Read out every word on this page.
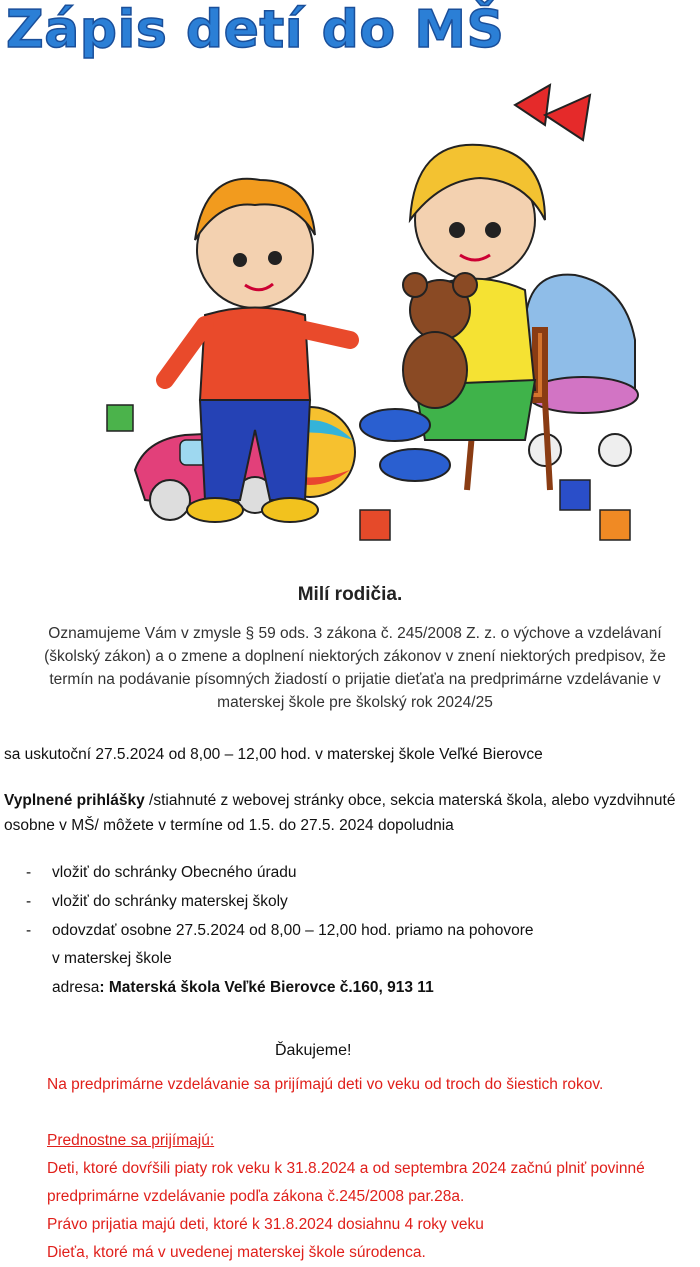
Zápis detí do MŠ
Milí rodičia.
Oznamujeme Vám v zmysle § 59 ods. 3 zákona č. 245/2008 Z. z. o výchove a vzdelávaní (školský zákon) a o zmene a doplnení niektorých zákonov v znení niektorých predpisov, že termín na podávanie písomných žiadostí o prijatie dieťaťa na predprimárne vzdelávanie v materskej škole pre školský rok 2024/25
sa uskutoční 27.5.2024 od 8,00 – 12,00 hod. v materskej škole Veľké Bierovce
Vyplnené prihlášky /stiahnuté z webovej stránky obce, sekcia materská škola, alebo vyzdvihnuté osobne v MŠ/ môžete v termíne od 1.5. do 27.5. 2024 dopoludnia
- vložiť do schránky Obecného úradu
- vložiť do schránky materskej školy
- odovzdať osobne 27.5.2024 od 8,00 – 12,00 hod. priamo na pohovore
v materskej škole
adresa: Materská škola Veľké Bierovce č.160, 913 11
Ďakujeme!
Na predprimárne vzdelávanie sa prijímajú deti vo veku od troch do šiestich rokov.
Prednostne sa prijímajú:
Deti, ktoré dovŕšili piaty rok veku k 31.8.2024 a od septembra 2024 začnú plniť povinné predprimárne vzdelávanie podľa zákona č.245/2008 par.28a.
Právo prijatia majú deti, ktoré k 31.8.2024 dosiahnu 4 roky veku
Dieťa, ktoré má v uvedenej materskej škole súrodenca.
